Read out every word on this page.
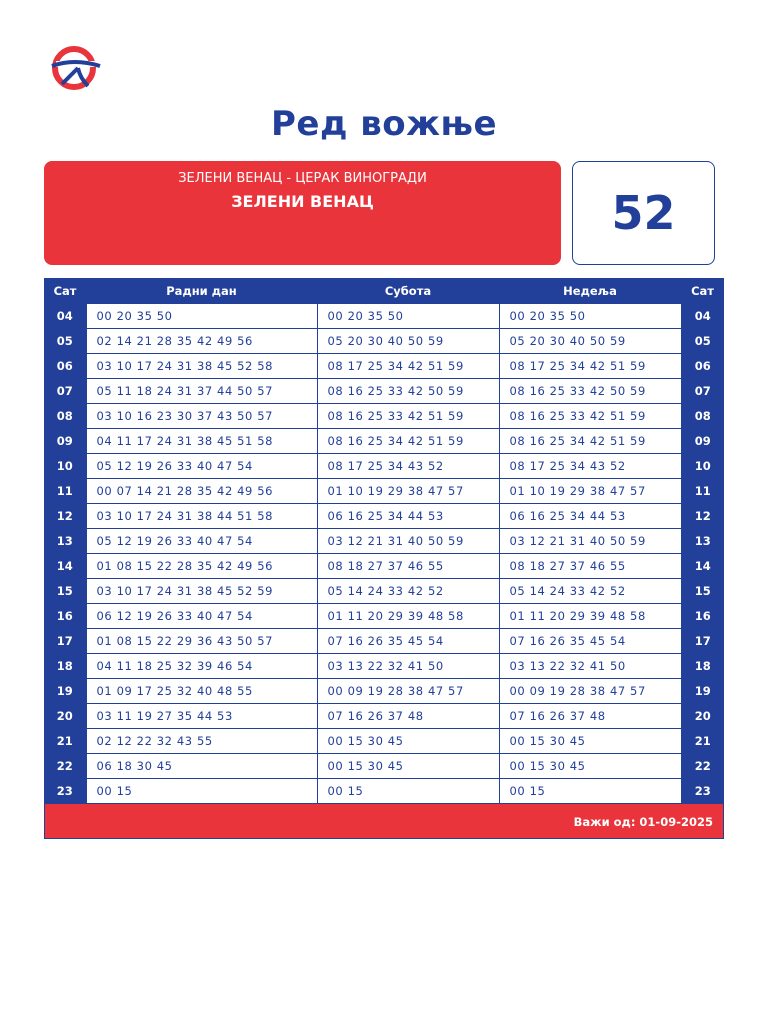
Ред вожње
ЗЕЛЕНИ ВЕНАЦ - ЦЕРАК ВИНОГРАДИ
ЗЕЛЕНИ ВЕНАЦ	52
Сат	Радни дан	Субота	Недеља	Сат
04	00 20 35 50	00 20 35 50	00 20 35 50	04
05	02 14 21 28 35 42 49 56	05 20 30 40 50 59	05 20 30 40 50 59	05
06	03 10 17 24 31 38 45 52 58	08 17 25 34 42 51 59	08 17 25 34 42 51 59	06
07	05 11 18 24 31 37 44 50 57	08 16 25 33 42 50 59	08 16 25 33 42 50 59	07
08	03 10 16 23 30 37 43 50 57	08 16 25 33 42 51 59	08 16 25 33 42 51 59	08
09	04 11 17 24 31 38 45 51 58	08 16 25 34 42 51 59	08 16 25 34 42 51 59	09
10	05 12 19 26 33 40 47 54	08 17 25 34 43 52	08 17 25 34 43 52	10
11	00 07 14 21 28 35 42 49 56	01 10 19 29 38 47 57	01 10 19 29 38 47 57	11
12	03 10 17 24 31 38 44 51 58	06 16 25 34 44 53	06 16 25 34 44 53	12
13	05 12 19 26 33 40 47 54	03 12 21 31 40 50 59	03 12 21 31 40 50 59	13
14	01 08 15 22 28 35 42 49 56	08 18 27 37 46 55	08 18 27 37 46 55	14
15	03 10 17 24 31 38 45 52 59	05 14 24 33 42 52	05 14 24 33 42 52	15
16	06 12 19 26 33 40 47 54	01 11 20 29 39 48 58	01 11 20 29 39 48 58	16
17	01 08 15 22 29 36 43 50 57	07 16 26 35 45 54	07 16 26 35 45 54	17
18	04 11 18 25 32 39 46 54	03 13 22 32 41 50	03 13 22 32 41 50	18
19	01 09 17 25 32 40 48 55	00 09 19 28 38 47 57	00 09 19 28 38 47 57	19
20	03 11 19 27 35 44 53	07 16 26 37 48	07 16 26 37 48	20
21	02 12 22 32 43 55	00 15 30 45	00 15 30 45	21
22	06 18 30 45	00 15 30 45	00 15 30 45	22
23	00 15	00 15	00 15	23
Важи од: 01-09-2025
